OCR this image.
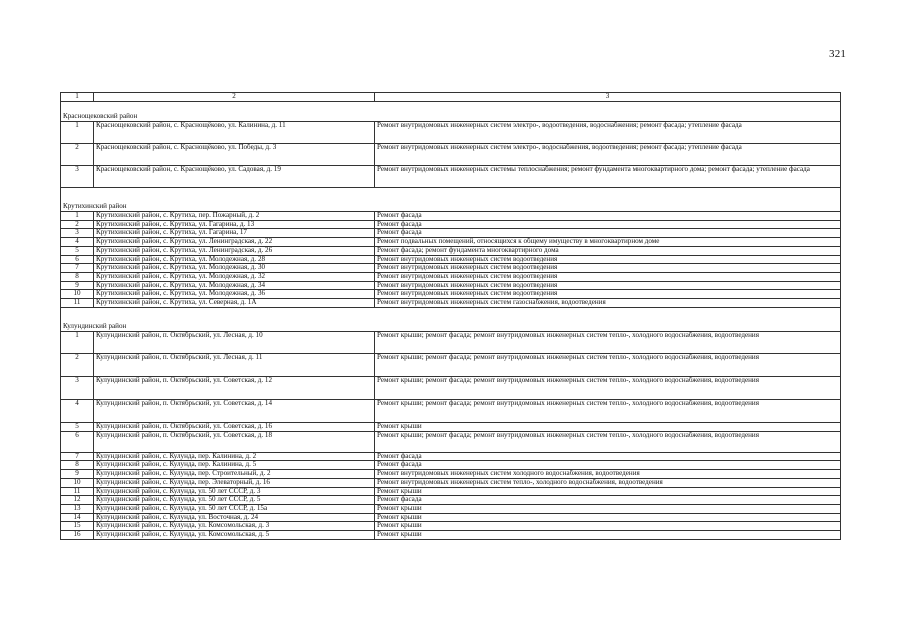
321
1	2	3
Краснощековский район		
1	Краснощековский район, с. Краснощёково, ул. Калинина, д. 11	Ремонт внутридомовых инженерных систем электро-, водоотведения, водоснабжения; ремонт фасада; утепление фасада
2	Краснощековский район, с. Краснощёково, ул. Победы, д. 3	Ремонт внутридомовых инженерных систем электро-, водоснабжения, водоотведения; ремонт фасада; утепление фасада
3	Краснощековский район, с. Краснощёково, ул. Садовая, д. 19	Ремонт внутридомовых инженерных системы теплоснабжения; ремонт фундамента многоквартирного дома; ремонт фасада; утепление фасада
Крутихинский район		
1	Крутихинский район, с. Крутиха, пер. Пожарный, д. 2	Ремонт фасада
2	Крутихинский район, с. Крутиха, ул. Гагарина, д. 13	Ремонт фасада
3	Крутихинский район, с. Крутиха, ул. Гагарина, 17	Ремонт фасада
4	Крутихинский район, с. Крутиха, ул. Ленинградская, д. 22	Ремонт подвальных помещений, относящихся к общему имуществу в многоквартирном доме
5	Крутихинский район, с. Крутиха, ул. Ленинградская, д. 26	Ремонт фасада; ремонт фундамента многоквартирного дома
6	Крутихинский район, с. Крутиха, ул. Молодежная, д. 28	Ремонт внутридомовых инженерных систем водоотведения
7	Крутихинский район, с. Крутиха, ул. Молодежная, д. 30	Ремонт внутридомовых инженерных систем водоотведения
8	Крутихинский район, с. Крутиха, ул. Молодежная, д. 32	Ремонт внутридомовых инженерных систем водоотведения
9	Крутихинский район, с. Крутиха, ул. Молодежная, д. 34	Ремонт внутридомовых инженерных систем водоотведения
10	Крутихинский район, с. Крутиха, ул. Молодежная, д. 36	Ремонт внутридомовых инженерных систем водоотведения
11	Крутихинский район, с. Крутиха, ул. Северная, д. 1А	Ремонт внутридомовых инженерных систем газоснабжения, водоотведения
Кулундинский район		
1	Кулундинский район, п. Октябрьский, ул. Лесная, д. 10	Ремонт крыши; ремонт фасада; ремонт внутридомовых инженерных систем тепло-, холодного водоснабжения, водоотведения
2	Кулундинский район, п. Октябрьский, ул. Лесная, д. 11	Ремонт крыши; ремонт фасада; ремонт внутридомовых инженерных систем тепло-, холодного водоснабжения, водоотведения
3	Кулундинский район, п. Октябрьский, ул. Советская, д. 12	Ремонт крыши; ремонт фасада; ремонт внутридомовых инженерных систем тепло-, холодного водоснабжения, водоотведения
4	Кулундинский район, п. Октябрьский, ул. Советская, д. 14	Ремонт крыши; ремонт фасада; ремонт внутридомовых инженерных систем тепло-, холодного водоснабжения, водоотведения
5	Кулундинский район, п. Октябрьский, ул. Советская, д. 16	Ремонт крыши
6	Кулундинский район, п. Октябрьский, ул. Советская, д. 18	Ремонт крыши; ремонт фасада; ремонт внутридомовых инженерных систем тепло-, холодного водоснабжения, водоотведения
7	Кулундинский район, с. Кулунда, пер. Калинина, д. 2	Ремонт фасада
8	Кулундинский район, с. Кулунда, пер. Калинина, д. 5	Ремонт фасада
9	Кулундинский район, с. Кулунда, пер. Строительный, д. 2	Ремонт внутридомовых инженерных систем холодного водоснабжения, водоотведения
10	Кулундинский район, с. Кулунда, пер. Элеваторный, д. 16	Ремонт внутридомовых инженерных систем тепло-, холодного водоснабжения, водоотведения
11	Кулундинский район, с. Кулунда, ул. 50 лет СССР, д. 3	Ремонт крыши
12	Кулундинский район, с. Кулунда, ул. 50 лет СССР, д. 5	Ремонт фасада
13	Кулундинский район, с. Кулунда, ул. 50 лет СССР, д. 15а	Ремонт крыши
14	Кулундинский район, с. Кулунда, ул. Восточная, д. 24	Ремонт крыши
15	Кулундинский район, с. Кулунда, ул. Комсомольская, д. 3	Ремонт крыши
16	Кулундинский район, с. Кулунда, ул. Комсомольская, д. 5	Ремонт крыши
